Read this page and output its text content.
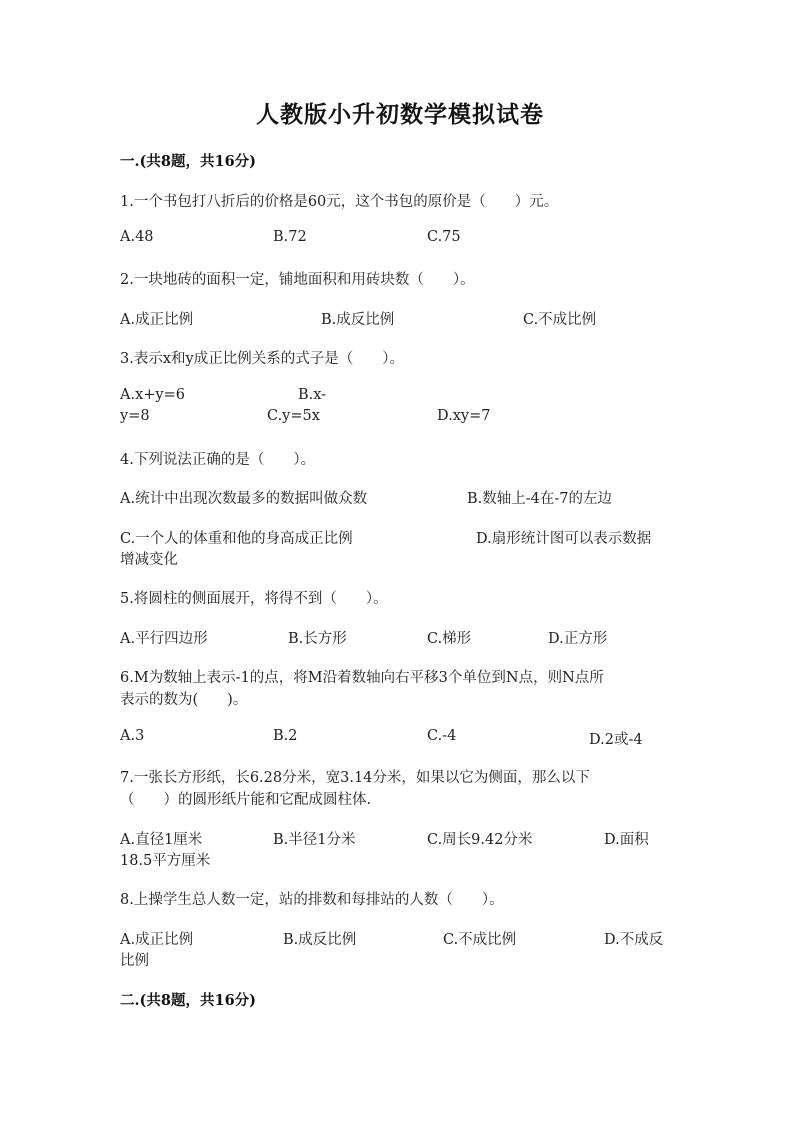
人教版小升初数学模拟试卷
一.(共8题，共16分)
1.一个书包打八折后的价格是60元，这个书包的原价是（　　）元。
A.48	B.72	C.75
2.一块地砖的面积一定，铺地面积和用砖块数（　　）。
A.成正比例	B.成反比例	C.不成比例
3.表示x和y成正比例关系的式子是（　　）。
A.x+y=6	B.x-
y=8	C.y=5x	D.xy=7
4.下列说法正确的是（　　）。
A.统计中出现次数最多的数据叫做众数	B.数轴上-4在-7的左边
C.一个人的体重和他的身高成正比例	D.扇形统计图可以表示数据
增减变化
5.将圆柱的侧面展开，将得不到（　　）。
A.平行四边形	B.长方形	C.梯形	D.正方形
6.M为数轴上表示-1的点，将M沿着数轴向右平移3个单位到N点，则N点所
表示的数为(　　)。
A.3	B.2	C.-4	D.2或-4
7.一张长方形纸，长6.28分米，宽3.14分米，如果以它为侧面，那么以下
（　　）的圆形纸片能和它配成圆柱体.
A.直径1厘米	B.半径1分米	C.周长9.42分米	D.面积
18.5平方厘米
8.上操学生总人数一定，站的排数和每排站的人数（　　）。
A.成正比例	B.成反比例	C.不成比例	D.不成反
比例
二.(共8题，共16分)
